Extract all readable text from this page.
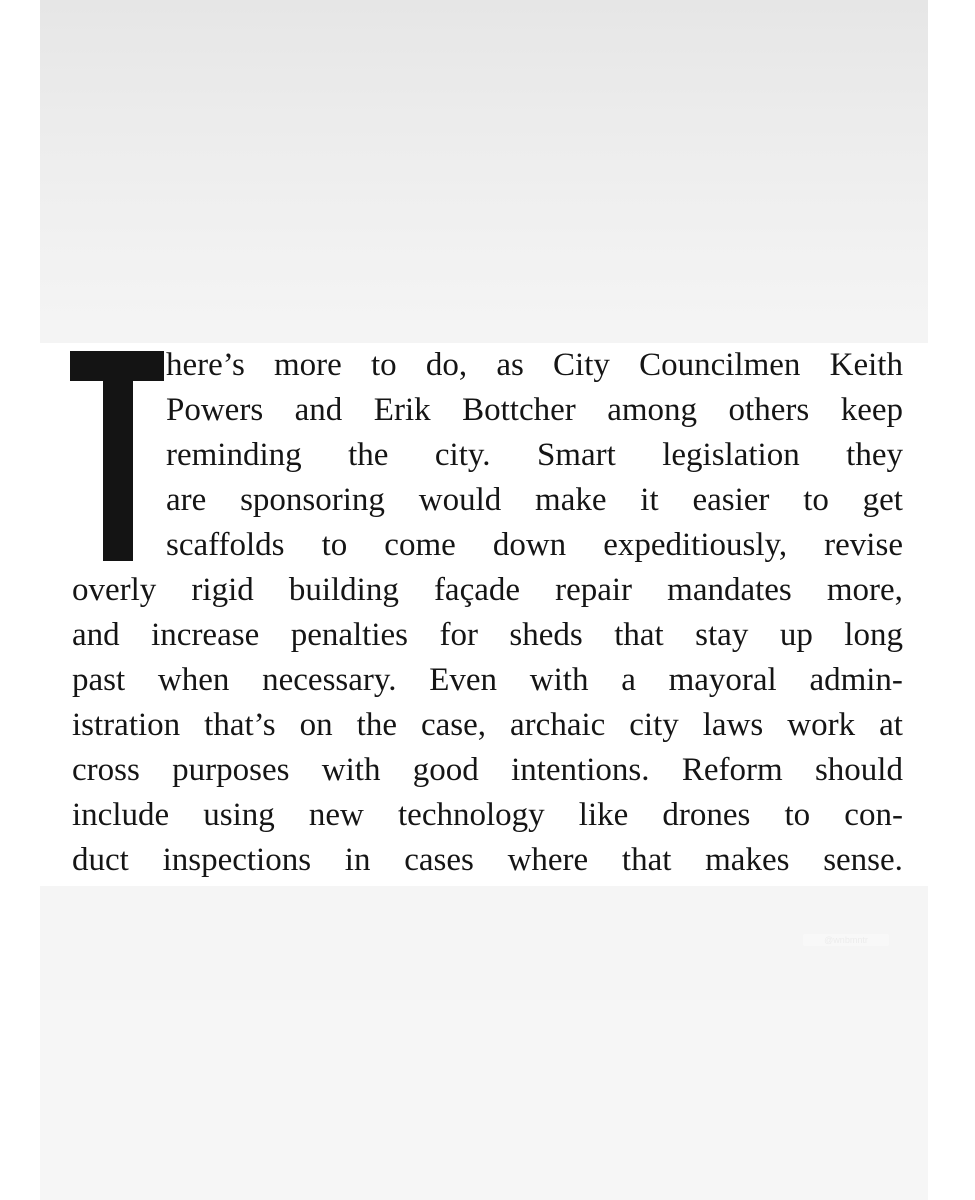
here’s more to do, as City Councilmen Keith
Powers and Erik Bottcher among others keep
reminding the city. Smart legislation they
are sponsoring would make it easier to get
scaffolds to come down expeditiously, revise
overly rigid building façade repair mandates more,
and increase penalties for sheds that stay up long
past when necessary. Even with a mayoral admin-
istration that’s on the case, archaic city laws work at
cross purposes with good intentions. Reform should
include using new technology like drones to con-
duct inspections in cases where that makes sense.
@wnbmntr
